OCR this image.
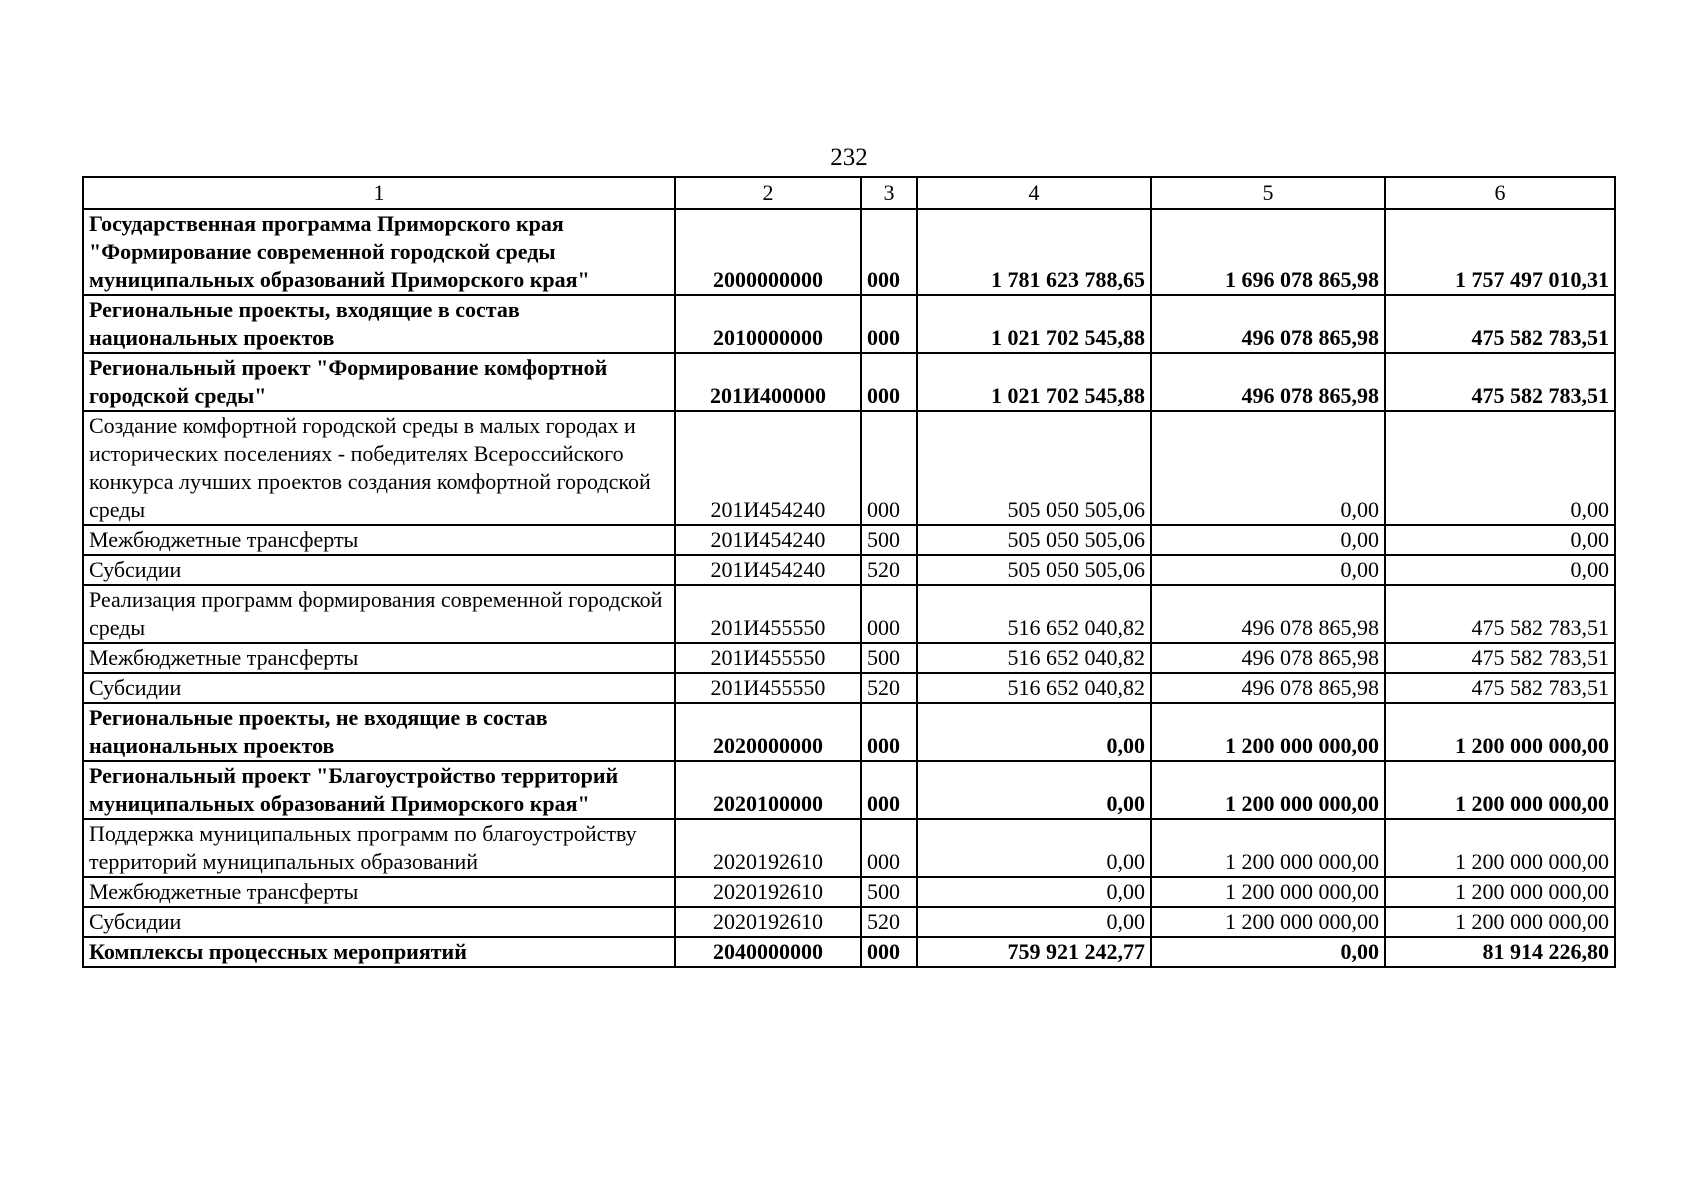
232
1	2	3	4	5	6
Государственная программа Приморского края "Формирование современной городской среды муниципальных образований Приморского края"	2000000000	000	1 781 623 788,65	1 696 078 865,98	1 757 497 010,31
Региональные проекты, входящие в состав национальных проектов	2010000000	000	1 021 702 545,88	496 078 865,98	475 582 783,51
Региональный проект "Формирование комфортной городской среды"	201И400000	000	1 021 702 545,88	496 078 865,98	475 582 783,51
Создание комфортной городской среды в малых городах и исторических поселениях - победителях Всероссийского конкурса лучших проектов создания комфортной городской среды	201И454240	000	505 050 505,06	0,00	0,00
Межбюджетные трансферты	201И454240	500	505 050 505,06	0,00	0,00
Субсидии	201И454240	520	505 050 505,06	0,00	0,00
Реализация программ формирования современной городской среды	201И455550	000	516 652 040,82	496 078 865,98	475 582 783,51
Межбюджетные трансферты	201И455550	500	516 652 040,82	496 078 865,98	475 582 783,51
Субсидии	201И455550	520	516 652 040,82	496 078 865,98	475 582 783,51
Региональные проекты, не входящие в состав национальных проектов	2020000000	000	0,00	1 200 000 000,00	1 200 000 000,00
Региональный проект "Благоустройство территорий муниципальных образований Приморского края"	2020100000	000	0,00	1 200 000 000,00	1 200 000 000,00
Поддержка муниципальных программ по благоустройству территорий муниципальных образований	2020192610	000	0,00	1 200 000 000,00	1 200 000 000,00
Межбюджетные трансферты	2020192610	500	0,00	1 200 000 000,00	1 200 000 000,00
Субсидии	2020192610	520	0,00	1 200 000 000,00	1 200 000 000,00
Комплексы процессных мероприятий	2040000000	000	759 921 242,77	0,00	81 914 226,80
